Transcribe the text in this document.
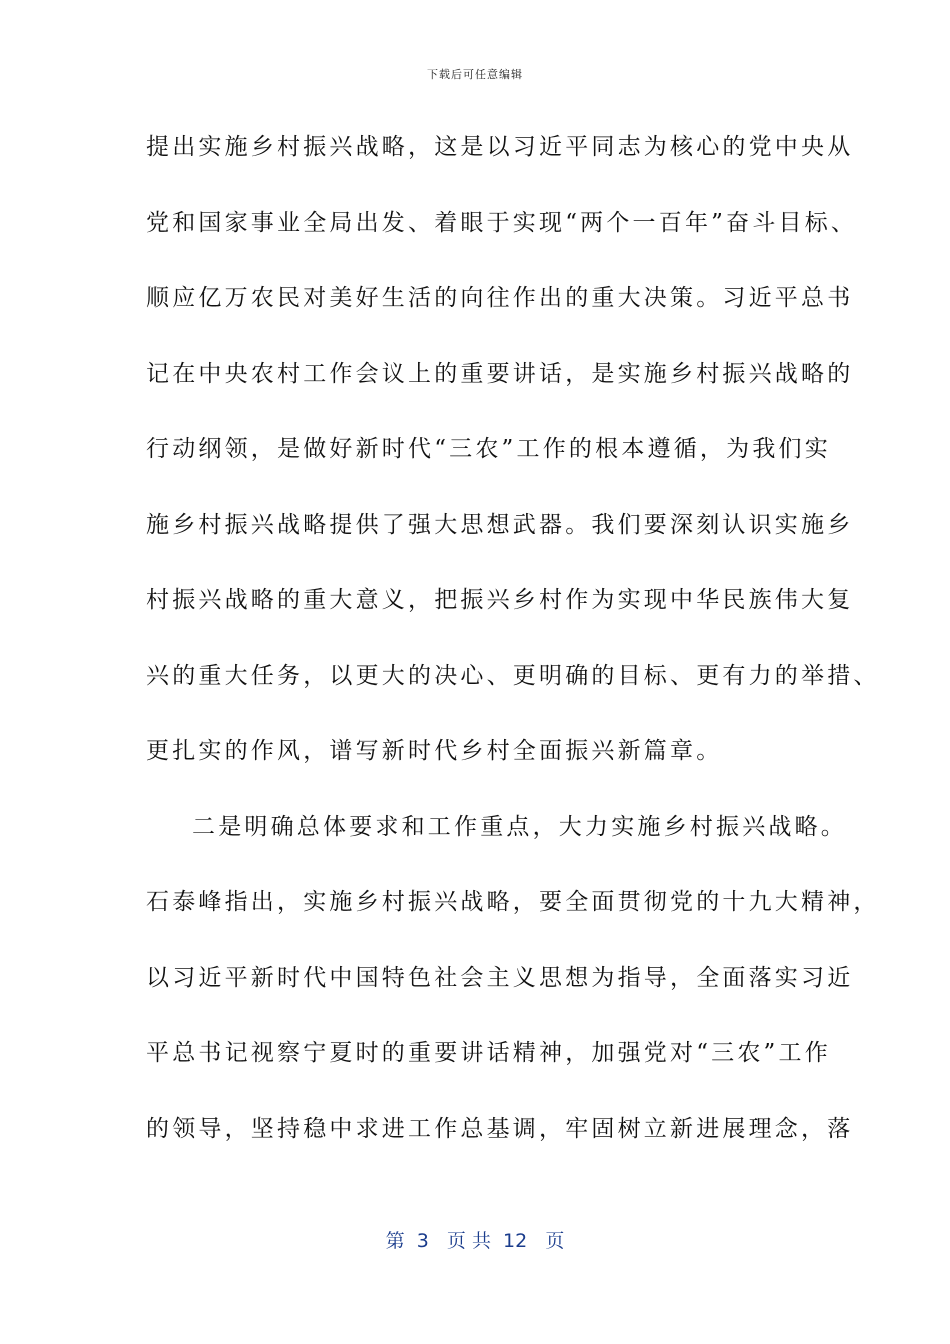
下载后可任意编辑
提出实施乡村振兴战略，这是以习近平同志为核心的党中央从
党和国家事业全局出发、着眼于实现“两个一百年”奋斗目标、
顺应亿万农民对美好生活的向往作出的重大决策。习近平总书
记在中央农村工作会议上的重要讲话，是实施乡村振兴战略的
行动纲领，是做好新时代“三农”工作的根本遵循，为我们实
施乡村振兴战略提供了强大思想武器。我们要深刻认识实施乡
村振兴战略的重大意义，把振兴乡村作为实现中华民族伟大复
兴的重大任务，以更大的决心、更明确的目标、更有力的举措、
更扎实的作风，谱写新时代乡村全面振兴新篇章。
二是明确总体要求和工作重点，大力实施乡村振兴战略。
石泰峰指出，实施乡村振兴战略，要全面贯彻党的十九大精神，
以习近平新时代中国特色社会主义思想为指导，全面落实习近
平总书记视察宁夏时的重要讲话精神，加强党对“三农”工作
的领导，坚持稳中求进工作总基调，牢固树立新进展理念，落
第  3   页 共  12   页
